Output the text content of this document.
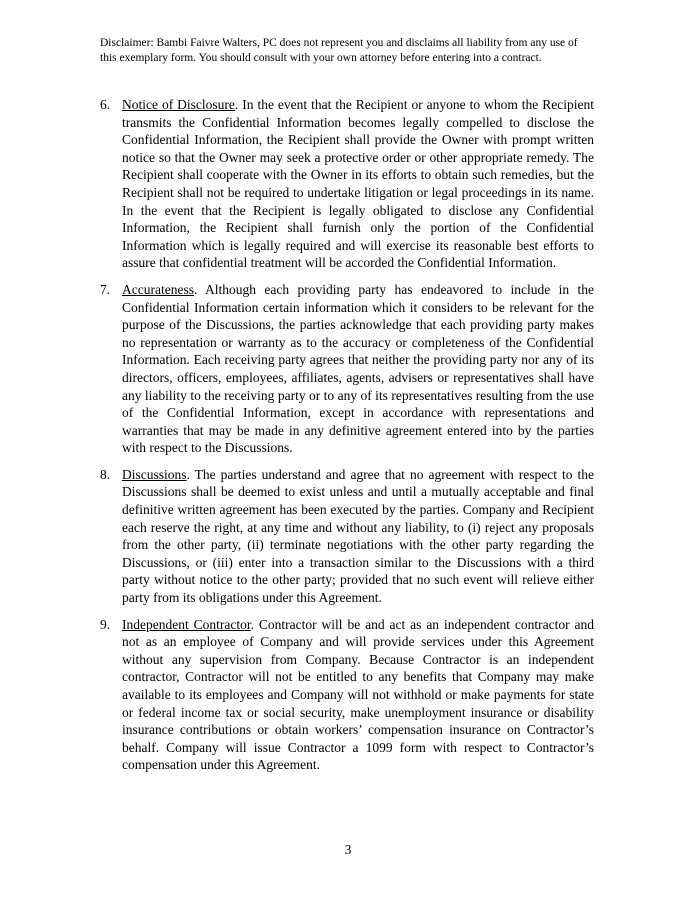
Disclaimer: Bambi Faivre Walters, PC does not represent you and disclaims all liability from any use of this exemplary form. You should consult with your own attorney before entering into a contract.
6. Notice of Disclosure. In the event that the Recipient or anyone to whom the Recipient transmits the Confidential Information becomes legally compelled to disclose the Confidential Information, the Recipient shall provide the Owner with prompt written notice so that the Owner may seek a protective order or other appropriate remedy. The Recipient shall cooperate with the Owner in its efforts to obtain such remedies, but the Recipient shall not be required to undertake litigation or legal proceedings in its name. In the event that the Recipient is legally obligated to disclose any Confidential Information, the Recipient shall furnish only the portion of the Confidential Information which is legally required and will exercise its reasonable best efforts to assure that confidential treatment will be accorded the Confidential Information.
7. Accurateness. Although each providing party has endeavored to include in the Confidential Information certain information which it considers to be relevant for the purpose of the Discussions, the parties acknowledge that each providing party makes no representation or warranty as to the accuracy or completeness of the Confidential Information. Each receiving party agrees that neither the providing party nor any of its directors, officers, employees, affiliates, agents, advisers or representatives shall have any liability to the receiving party or to any of its representatives resulting from the use of the Confidential Information, except in accordance with representations and warranties that may be made in any definitive agreement entered into by the parties with respect to the Discussions.
8. Discussions. The parties understand and agree that no agreement with respect to the Discussions shall be deemed to exist unless and until a mutually acceptable and final definitive written agreement has been executed by the parties. Company and Recipient each reserve the right, at any time and without any liability, to (i) reject any proposals from the other party, (ii) terminate negotiations with the other party regarding the Discussions, or (iii) enter into a transaction similar to the Discussions with a third party without notice to the other party; provided that no such event will relieve either party from its obligations under this Agreement.
9. Independent Contractor. Contractor will be and act as an independent contractor and not as an employee of Company and will provide services under this Agreement without any supervision from Company. Because Contractor is an independent contractor, Contractor will not be entitled to any benefits that Company may make available to its employees and Company will not withhold or make payments for state or federal income tax or social security, make unemployment insurance or disability insurance contributions or obtain workers’ compensation insurance on Contractor’s behalf. Company will issue Contractor a 1099 form with respect to Contractor’s compensation under this Agreement.
3
